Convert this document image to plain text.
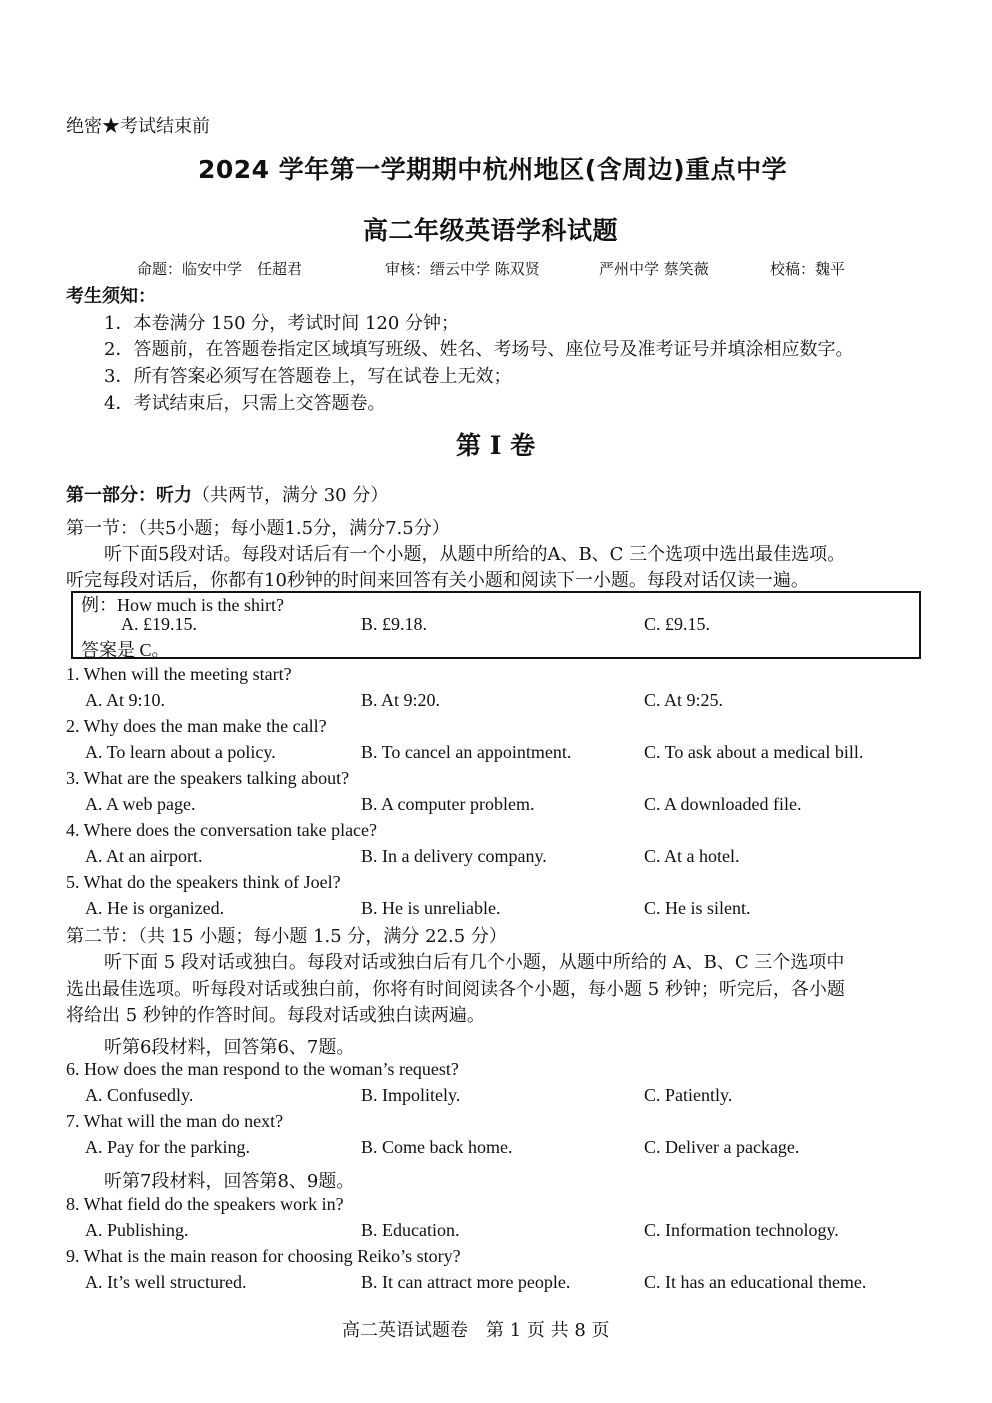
绝密★考试结束前
2024 学年第一学期期中杭州地区(含周边)重点中学
高二年级英语学科试题
命题：临安中学　任超君	审核：缙云中学 陈双贤	严州中学 蔡笑薇	校稿：魏平
考生须知：
1．本卷满分 150 分，考试时间 120 分钟；
2．答题前，在答题卷指定区域填写班级、姓名、考场号、座位号及准考证号并填涂相应数字。
3．所有答案必须写在答题卷上，写在试卷上无效；
4．考试结束后，只需上交答题卷。
第 I 卷
第一部分：听力（共两节，满分 30 分）
第一节：（共5小题；每小题1.5分，满分7.5分）
听下面5段对话。每段对话后有一个小题，从题中所给的A、B、C 三个选项中选出最佳选项。
听完每段对话后，你都有10秒钟的时间来回答有关小题和阅读下一小题。每段对话仅读一遍。
例：How much is the shirt?
A. £19.15.	B. £9.18.	C. £9.15.
答案是 C。
1. When will the meeting start?
A. At 9:10.	B. At 9:20.	C. At 9:25.
2. Why does the man make the call?
A. To learn about a policy.	B. To cancel an appointment.	C. To ask about a medical bill.
3. What are the speakers talking about?
A. A web page.	B. A computer problem.	C. A downloaded file.
4. Where does the conversation take place?
A. At an airport.	B. In a delivery company.	C. At a hotel.
5. What do the speakers think of Joel?
A. He is organized.	B. He is unreliable.	C. He is silent.
第二节：（共 15 小题；每小题 1.5 分，满分 22.5 分）
听下面 5 段对话或独白。每段对话或独白后有几个小题，从题中所给的 A、B、C 三个选项中
选出最佳选项。听每段对话或独白前，你将有时间阅读各个小题，每小题 5 秒钟；听完后，各小题
将给出 5 秒钟的作答时间。每段对话或独白读两遍。
听第6段材料，回答第6、7题。
6. How does the man respond to the woman’s request?
A. Confusedly.	B. Impolitely.	C. Patiently.
7. What will the man do next?
A. Pay for the parking.	B. Come back home.	C. Deliver a package.
听第7段材料，回答第8、9题。
8. What field do the speakers work in?
A. Publishing.	B. Education.	C. Information technology.
9. What is the main reason for choosing Reiko’s story?
A. It’s well structured.	B. It can attract more people.	C. It has an educational theme.
高二英语试题卷　第 1 页 共 8 页
